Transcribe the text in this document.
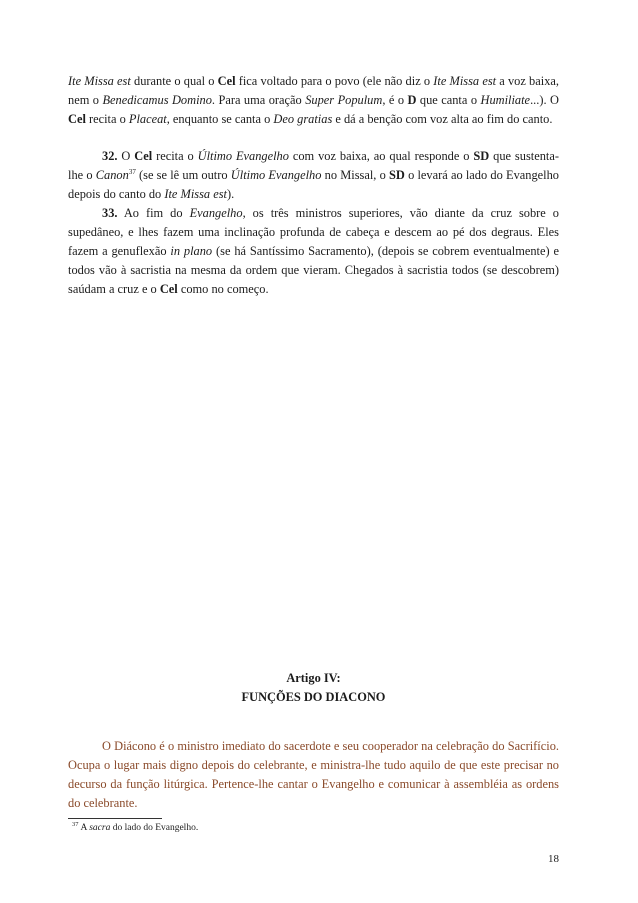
Ite Missa est durante o qual o Cel fica voltado para o povo (ele não diz o Ite Missa est a voz baixa, nem o Benedicamus Domino. Para uma oração Super Populum, é o D que canta o Humiliate...). O Cel recita o Placeat, enquanto se canta o Deo gratias e dá a benção com voz alta ao fim do canto.

32. O Cel recita o Último Evangelho com voz baixa, ao qual responde o SD que sustenta-lhe o Canon$^{37}$ (se se lê um outro Último Evangelho no Missal, o SD o levará ao lado do Evangelho depois do canto do Ite Missa est).

33. Ao fim do Evangelho, os três ministros superiores, vão diante da cruz sobre o supedâneo, e lhes fazem uma inclinação profunda de cabeça e descem ao pé dos degraus. Eles fazem a genuflexão in plano (se há Santíssimo Sacramento), (depois se cobrem eventualmente) e todos vão à sacristia na mesma da ordem que vieram. Chegados à sacristia todos (se descobrem) saúdam a cruz e o Cel como no começo.

Artigo IV:

FUNÇÕES DO DIACONO

O Diácono é o ministro imediato do sacerdote e seu cooperador na celebração do Sacrifício. Ocupa o lugar mais digno depois do celebrante, e ministra-lhe tudo aquilo de que este precisar no decurso da função litúrgica. Pertence-lhe cantar o Evangelho e comunicar à assembléia as ordens do celebrante.

$^{37}$ A sacra do lado do Evangelho.

18
